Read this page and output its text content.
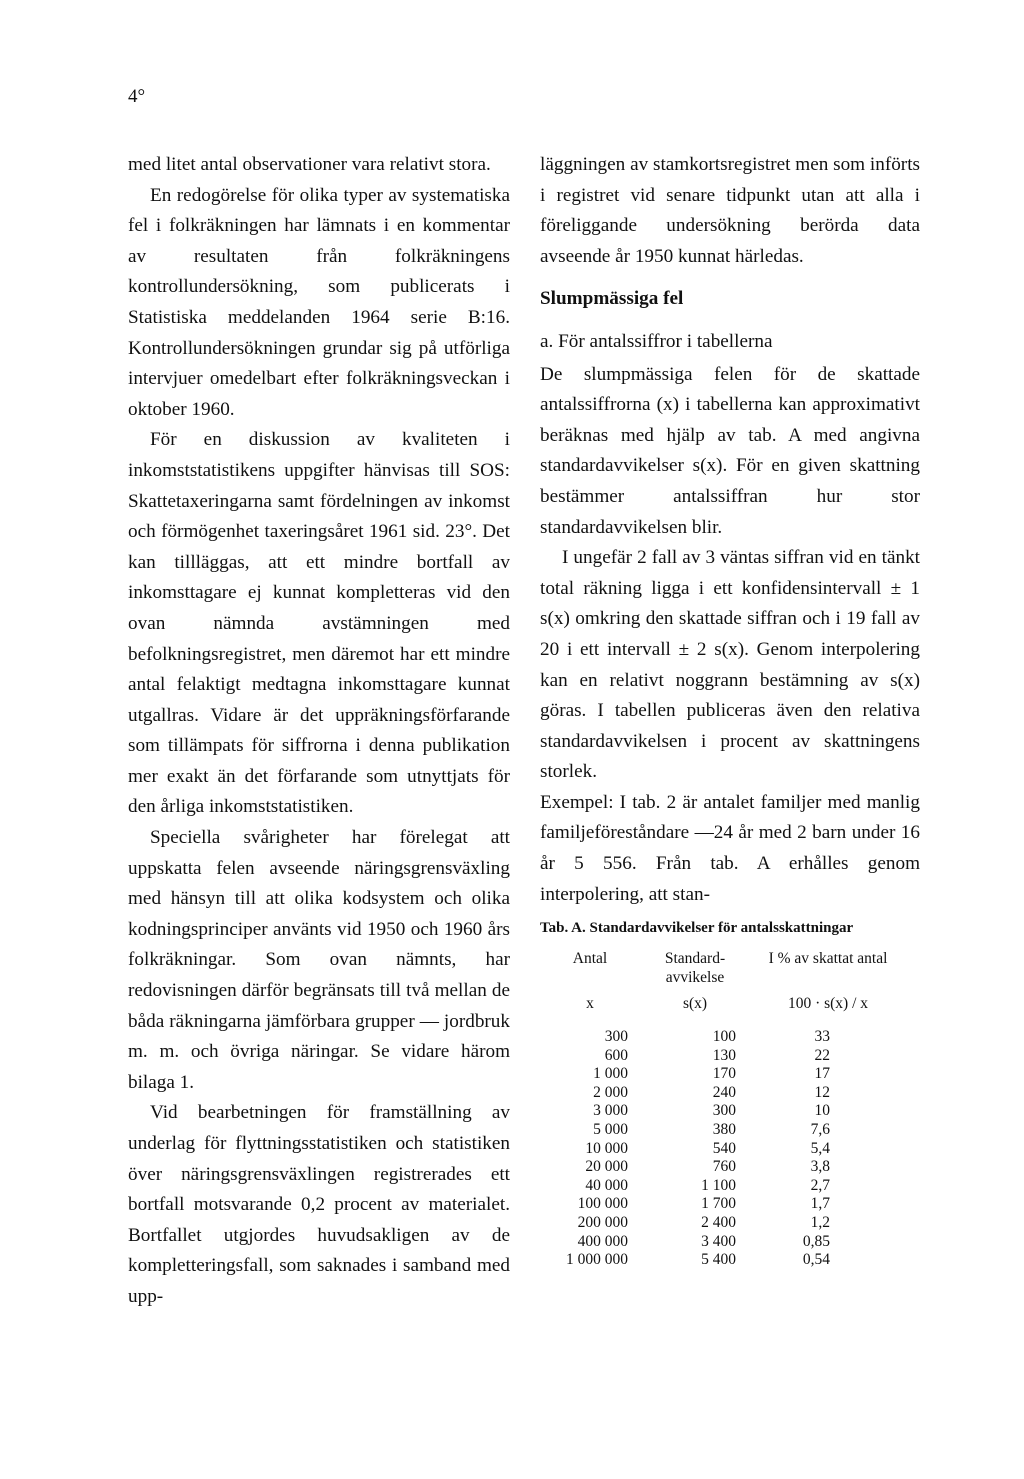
4°

med litet antal observationer vara relativt stora.

En redogörelse för olika typer av systematiska fel i folkräkningen har lämnats i en kommentar av resultaten från folkräkningens kontrollundersökning, som publicerats i Statistiska meddelanden 1964 serie B:16. Kontrollundersökningen grundar sig på utförliga intervjuer omedelbart efter folkräkningsveckan i oktober 1960.

För en diskussion av kvaliteten i inkomststatistikens uppgifter hänvisas till SOS: Skattetaxeringarna samt fördelningen av inkomst och förmögenhet taxeringsåret 1961 sid. 23°. Det kan tillläggas, att ett mindre bortfall av inkomsttagare ej kunnat kompletteras vid den ovan nämnda avstämningen med befolkningsregistret, men däremot har ett mindre antal felaktigt medtagna inkomsttagare kunnat utgallras. Vidare är det uppräkningsförfarande som tillämpats för siffrorna i denna publikation mer exakt än det förfarande som utnyttjats för den årliga inkomststatistiken.

Speciella svårigheter har förelegat att uppskatta felen avseende näringsgrensväxling med hänsyn till att olika kodsystem och olika kodningsprinciper använts vid 1950 och 1960 års folkräkningar. Som ovan nämnts, har redovisningen därför begränsats till två mellan de båda räkningarna jämförbara grupper — jordbruk m. m. och övriga näringar. Se vidare härom bilaga 1.

Vid bearbetningen för framställning av underlag för flyttningsstatistiken och statistiken över näringsgrensväxlingen registrerades ett bortfall motsvarande 0,2 procent av materialet. Bortfallet utgjordes huvudsakligen av de kompletteringsfall, som saknades i samband med upp-

läggningen av stamkortsregistret men som införts i registret vid senare tidpunkt utan att alla i föreliggande undersökning berörda data avseende år 1950 kunnat härledas.

Slumpmässiga fel
a. För antalssiffror i tabellerna

De slumpmässiga felen för de skattade antalssiffrorna (x) i tabellerna kan approximativt beräknas med hjälp av tab. A med angivna standardavvikelser s(x). För en given skattning bestämmer antalssiffran hur stor standardavvikelsen blir.

I ungefär 2 fall av 3 väntas siffran vid en tänkt total räkning ligga i ett konfidensintervall ± 1 s(x) omkring den skattade siffran och i 19 fall av 20 i ett intervall ± 2 s(x). Genom interpolering kan en relativt noggrann bestämning av s(x) göras. I tabellen publiceras även den relativa standardavvikelsen i procent av skattningens storlek.

Exempel: I tab. 2 är antalet familjer med manlig familjeföreståndare —24 år med 2 barn under 16 år 5 556. Från tab. A erhålles genom interpolering, att stan-

Tab. A. Standardavvikelser för antalsskattningar
Antal	Standard-avvikelse	I % av skattat antal
x	s(x)	100 · s(x) / x
300	100	33
600	130	22
1 000	170	17
2 000	240	12
3 000	300	10
5 000	380	7,6
10 000	540	5,4
20 000	760	3,8
40 000	1 100	2,7
100 000	1 700	1,7
200 000	2 400	1,2
400 000	3 400	0,85
1 000 000	5 400	0,54
